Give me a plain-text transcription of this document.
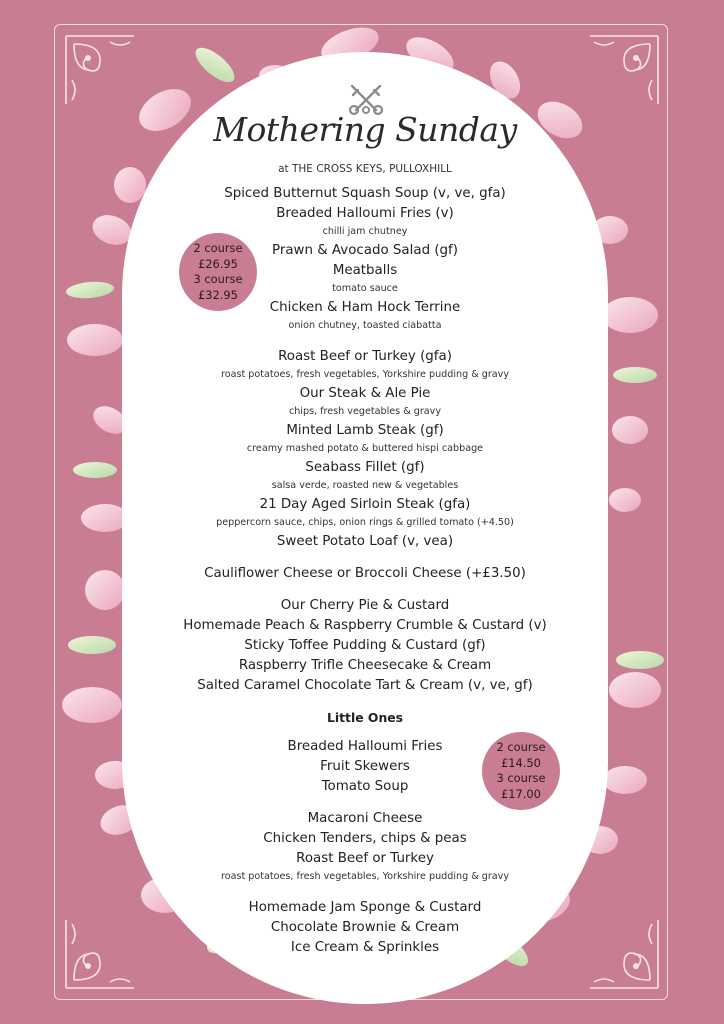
Mothering Sunday
at THE CROSS KEYS, PULLOXHILL
Spiced Butternut Squash Soup (v, ve, gfa)
Breaded Halloumi Fries (v)
chilli jam chutney
Prawn & Avocado Salad (gf)
Meatballs
tomato sauce
Chicken & Ham Hock Terrine
onion chutney, toasted ciabatta
Roast Beef or Turkey (gfa)
roast potatoes, fresh vegetables, Yorkshire pudding & gravy
Our Steak & Ale Pie
chips, fresh vegetables & gravy
Minted Lamb Steak (gf)
creamy mashed potato & buttered hispi cabbage
Seabass Fillet (gf)
salsa verde, roasted new & vegetables
21 Day Aged Sirloin Steak (gfa)
peppercorn sauce, chips, onion rings & grilled tomato (+4.50)
Sweet Potato Loaf (v, vea)
Cauliflower Cheese or Broccoli Cheese (+£3.50)
Our Cherry Pie & Custard
Homemade Peach & Raspberry Crumble & Custard (v)
Sticky Toffee Pudding & Custard (gf)
Raspberry Trifle Cheesecake & Cream
Salted Caramel Chocolate Tart & Cream (v, ve, gf)
Little Ones
Breaded Halloumi Fries
Fruit Skewers
Tomato Soup
Macaroni Cheese
Chicken Tenders, chips & peas
Roast Beef or Turkey
roast potatoes, fresh vegetables, Yorkshire pudding & gravy
Homemade Jam Sponge & Custard
Chocolate Brownie & Cream
Ice Cream & Sprinkles
2 course
£26.95
3 course
£32.95
2 course
£14.50
3 course
£17.00
